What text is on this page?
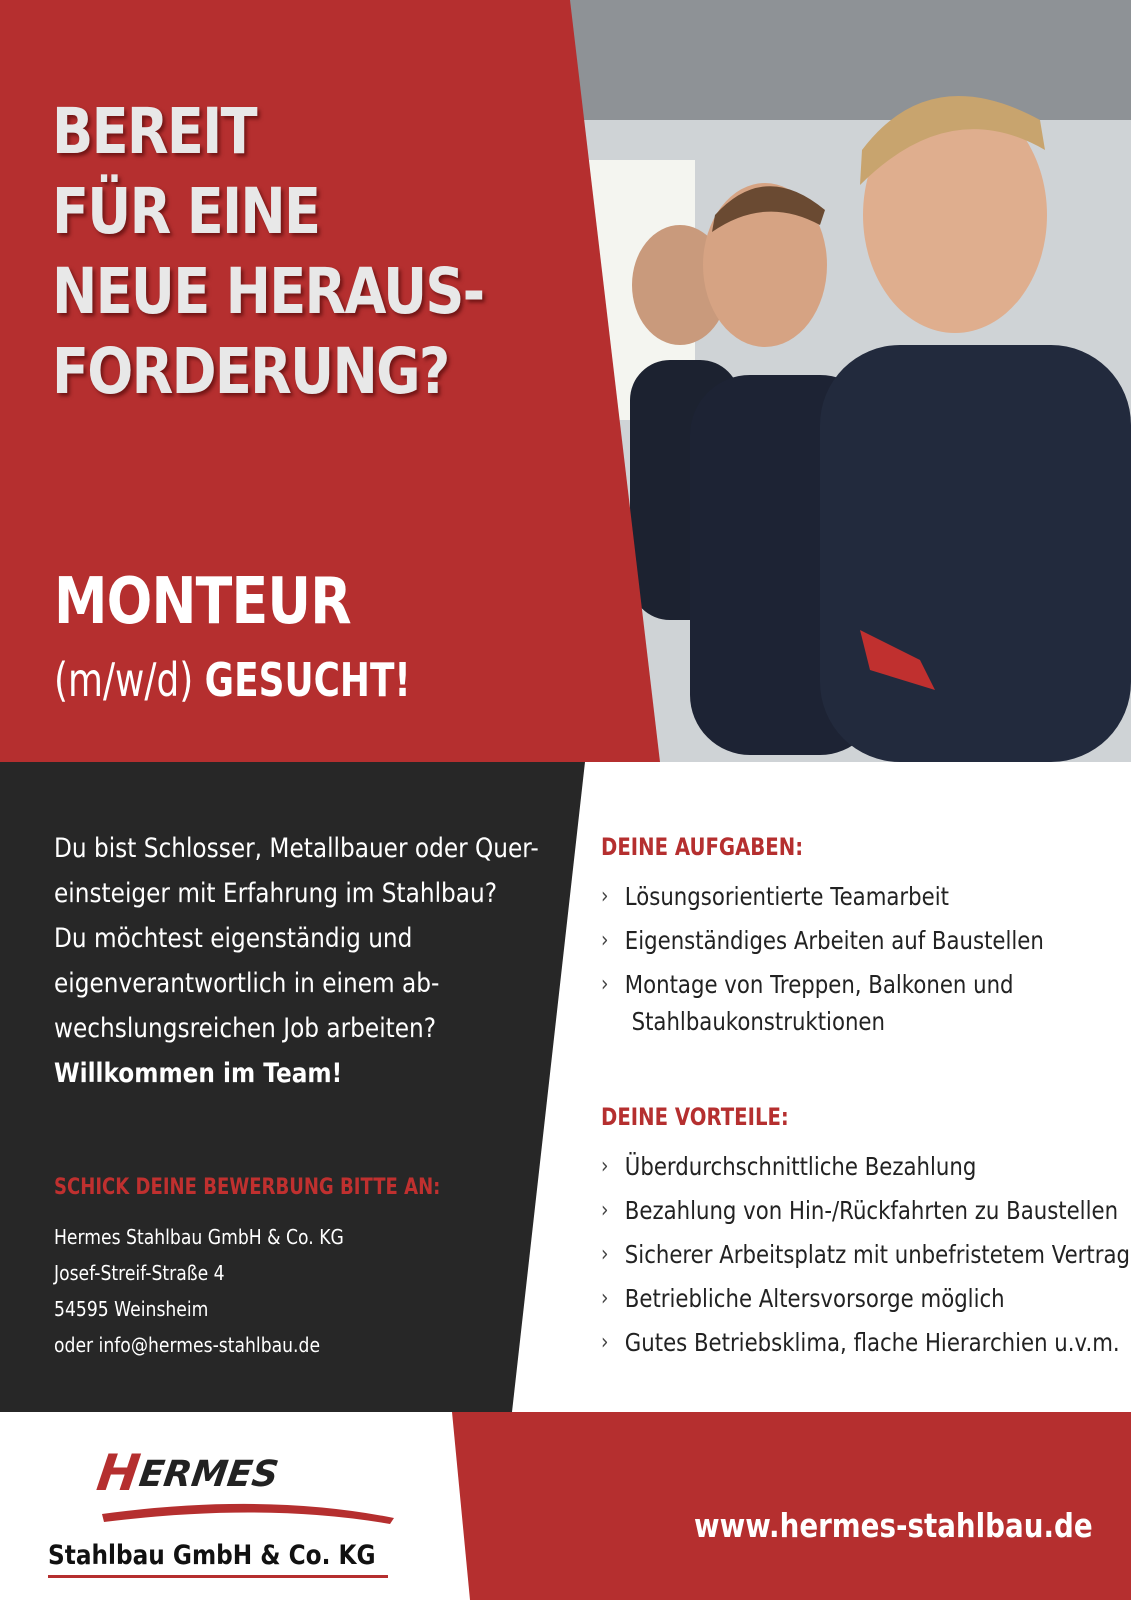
BEREIT
FÜR EINE
NEUE HERAUS-
FORDERUNG?
MONTEUR
(m/w/d) GESUCHT!
Du bist Schlosser, Metallbauer oder Quer-
einsteiger mit Erfahrung im Stahlbau?
Du möchtest eigenständig und
eigenverantwortlich in einem ab-
wechslungsreichen Job arbeiten?
Willkommen im Team!
SCHICK DEINE BEWERBUNG BITTE AN:
Hermes Stahlbau GmbH & Co. KG
Josef-Streif-Straße 4
54595 Weinsheim
oder info@hermes-stahlbau.de
DEINE AUFGABEN:
› Lösungsorientierte Teamarbeit
› Eigenständiges Arbeiten auf Baustellen
› Montage von Treppen, Balkonen und
Stahlbaukonstruktionen
DEINE VORTEILE:
› Überdurchschnittliche Bezahlung
› Bezahlung von Hin-/Rückfahrten zu Baustellen
› Sicherer Arbeitsplatz mit unbefristetem Vertrag
› Betriebliche Altersvorsorge möglich
› Gutes Betriebsklima, flache Hierarchien u.v.m.
H
ERMES
Stahlbau GmbH & Co. KG
www.hermes-stahlbau.de
